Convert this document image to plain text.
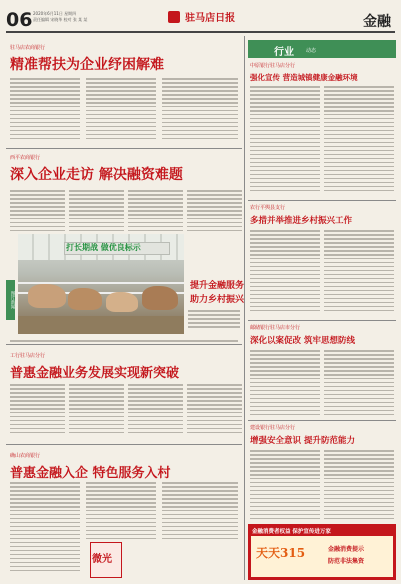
06 2020年6月11日 星期四
责任编辑 宋晓华 校对 张 某 某	驻马店日报	金融
驻马店农商银行
精准帮扶为企业纾困解难
西平农商银行
深入企业走访 解决融资难题
图片新闻
打长期战 做优良标示
提升金融服务
助力乡村振兴
工行驻马店分行
普惠金融业务发展实现新突破
确山农商银行
普惠金融入企 特色服务入村
微光
行业 动态
中原银行驻马店分行
强化宣传 营造城镇健康金融环境
农行平舆县支行
多措并举推进乡村振兴工作
邮储银行驻马店市分行
深化以案促改 筑牢思想防线
建设银行驻马店分行
增强安全意识 提升防范能力
金融消费者权益 保护宣传进万家
天天315	金融消费提示
防范非法集资
